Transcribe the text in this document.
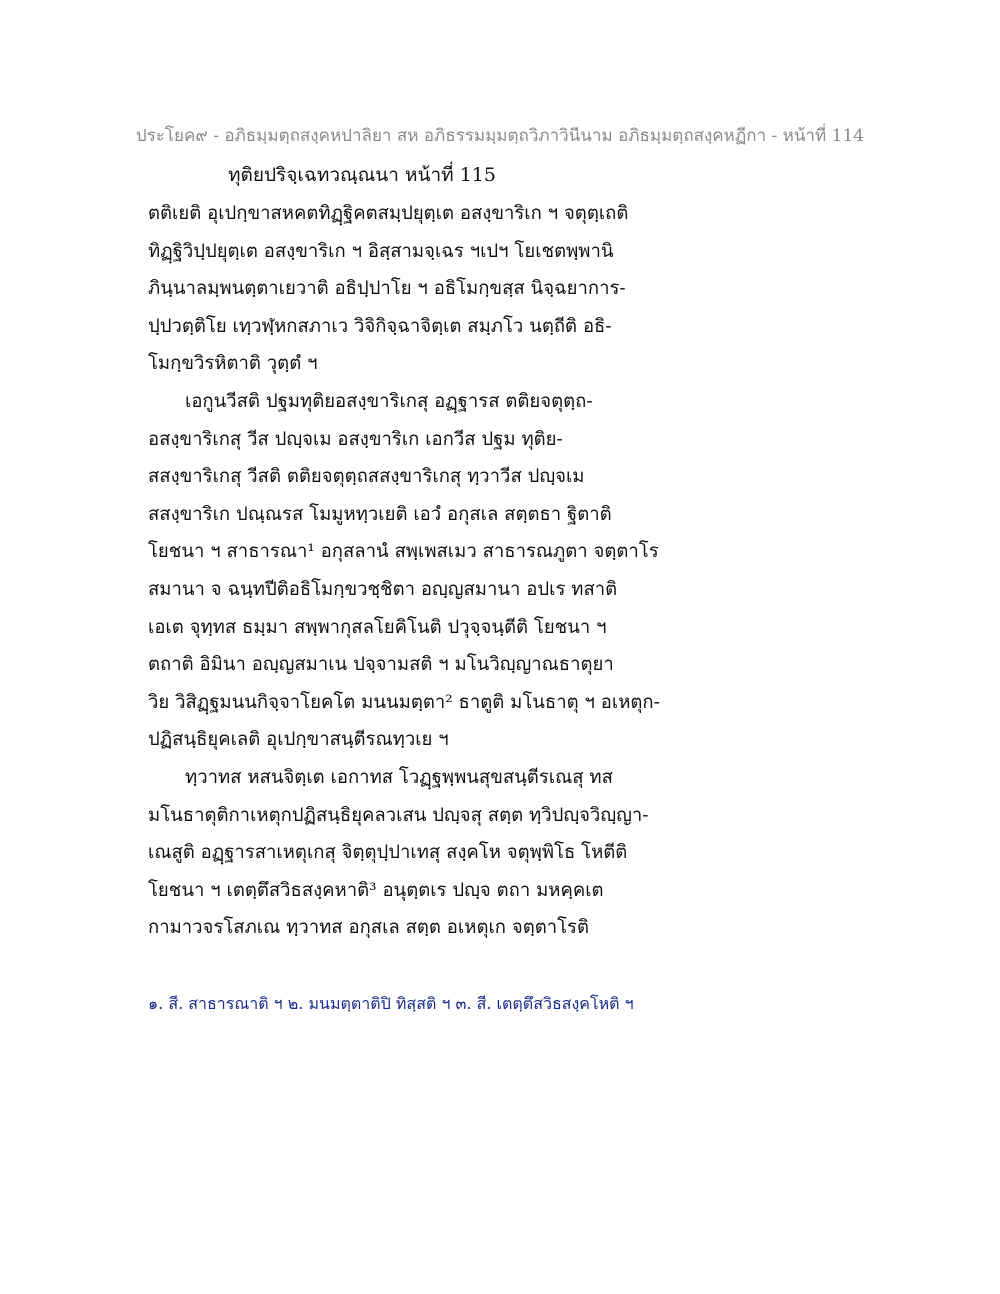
ประโยค๙ - อภิธมฺมตฺถสงฺคหปาลิยา สห อภิธรรมมฺมตฺถวิภาวินีนาม อภิธมฺมตฺถสงฺคหฏีกา - หน้าที่ 114
ทุติยปริจฺเฉทวณฺณนา หน้าที่ 115
ตติเยติ อุเปกฺขาสหคตทิฏฺฐิคตสมฺปยุตฺเต อสงฺขาริเก ฯ จตุตฺเถติ
ทิฏฺฐิวิปฺปยุตฺเต อสงฺขาริเก ฯ อิสฺสามจฺเฉร ฯเปฯ โยเชตพฺพานิ
ภินฺนาลมฺพนตฺตาเยวาติ อธิปฺปาโย ฯ อธิโมกฺขสฺส นิจฺฉยาการ-
ปฺปวตฺติโย เทฺวฬฺหกสภาเว วิจิกิจฺฉาจิตฺเต สมฺภโว นตฺถีติ อธิ-
โมกฺขวิรหิตาติ วุตฺตํ ฯ
เอกูนวีสติ ปฐมทุติยอสงฺขาริเกสุ อฏฺฐารส ตติยจตุตฺถ-
อสงฺขาริเกสุ วีส ปญฺจเม อสงฺขาริเก เอกวีส ปฐม ทุติย-
สสงฺขาริเกสุ วีสติ ตติยจตุตฺถสสงฺขาริเกสุ ทฺวาวีส ปญฺจเม
สสงฺขาริเก ปณฺณรส โมมูหทฺวเยติ เอวํ อกุสเล สตฺตธา ฐิตาติ
โยชนา ฯ สาธารณา¹ อกุสลานํ สพฺเพสเมว สาธารณภูตา จตฺตาโร
สมานา จ ฉนฺทปีติอธิโมกฺขวชฺชิตา อญฺญสมานา อปเร ทสาติ
เอเต จุทฺทส ธมฺมา สพฺพากุสลโยคิโนติ ปวุจฺจนฺตีติ โยชนา ฯ
ตถาติ อิมินา อญฺญสมาเน ปจฺจามสติ ฯ มโนวิญฺญาณธาตุยา
วิย วิสิฏฺฐมนนกิจฺจาโยคโต มนนมตฺตา² ธาตูติ มโนธาตุ ฯ อเหตุก-
ปฏิสนฺธิยุคเลติ อุเปกฺขาสนฺตีรณทฺวเย ฯ
ทฺวาทส หสนจิตฺเต เอกาทส โวฏฺฐพฺพนสุขสนฺตีรเณสุ ทส
มโนธาตุติกาเหตุกปฏิสนฺธิยุคลวเสน ปญฺจสุ สตฺต ทฺวิปญฺจวิญฺญา-
เณสูติ อฏฺฐารสาเหตุเกสุ จิตฺตุปฺปาเทสุ สงฺคโห จตุพฺพิโธ โหตีติ
โยชนา ฯ เตตฺตึสวิธสงฺคหาติ³ อนุตฺตเร ปญฺจ ตถา มหคฺคเต
กามาวจรโสภเณ ทฺวาทส อกุสเล สตฺต อเหตุเก จตฺตาโรติ
๑. สี. สาธารณาติ ฯ ๒. มนมตฺตาติปิ ทิสฺสติ ฯ ๓. สี. เตตฺตึสวิธสงฺคโหติ ฯ
